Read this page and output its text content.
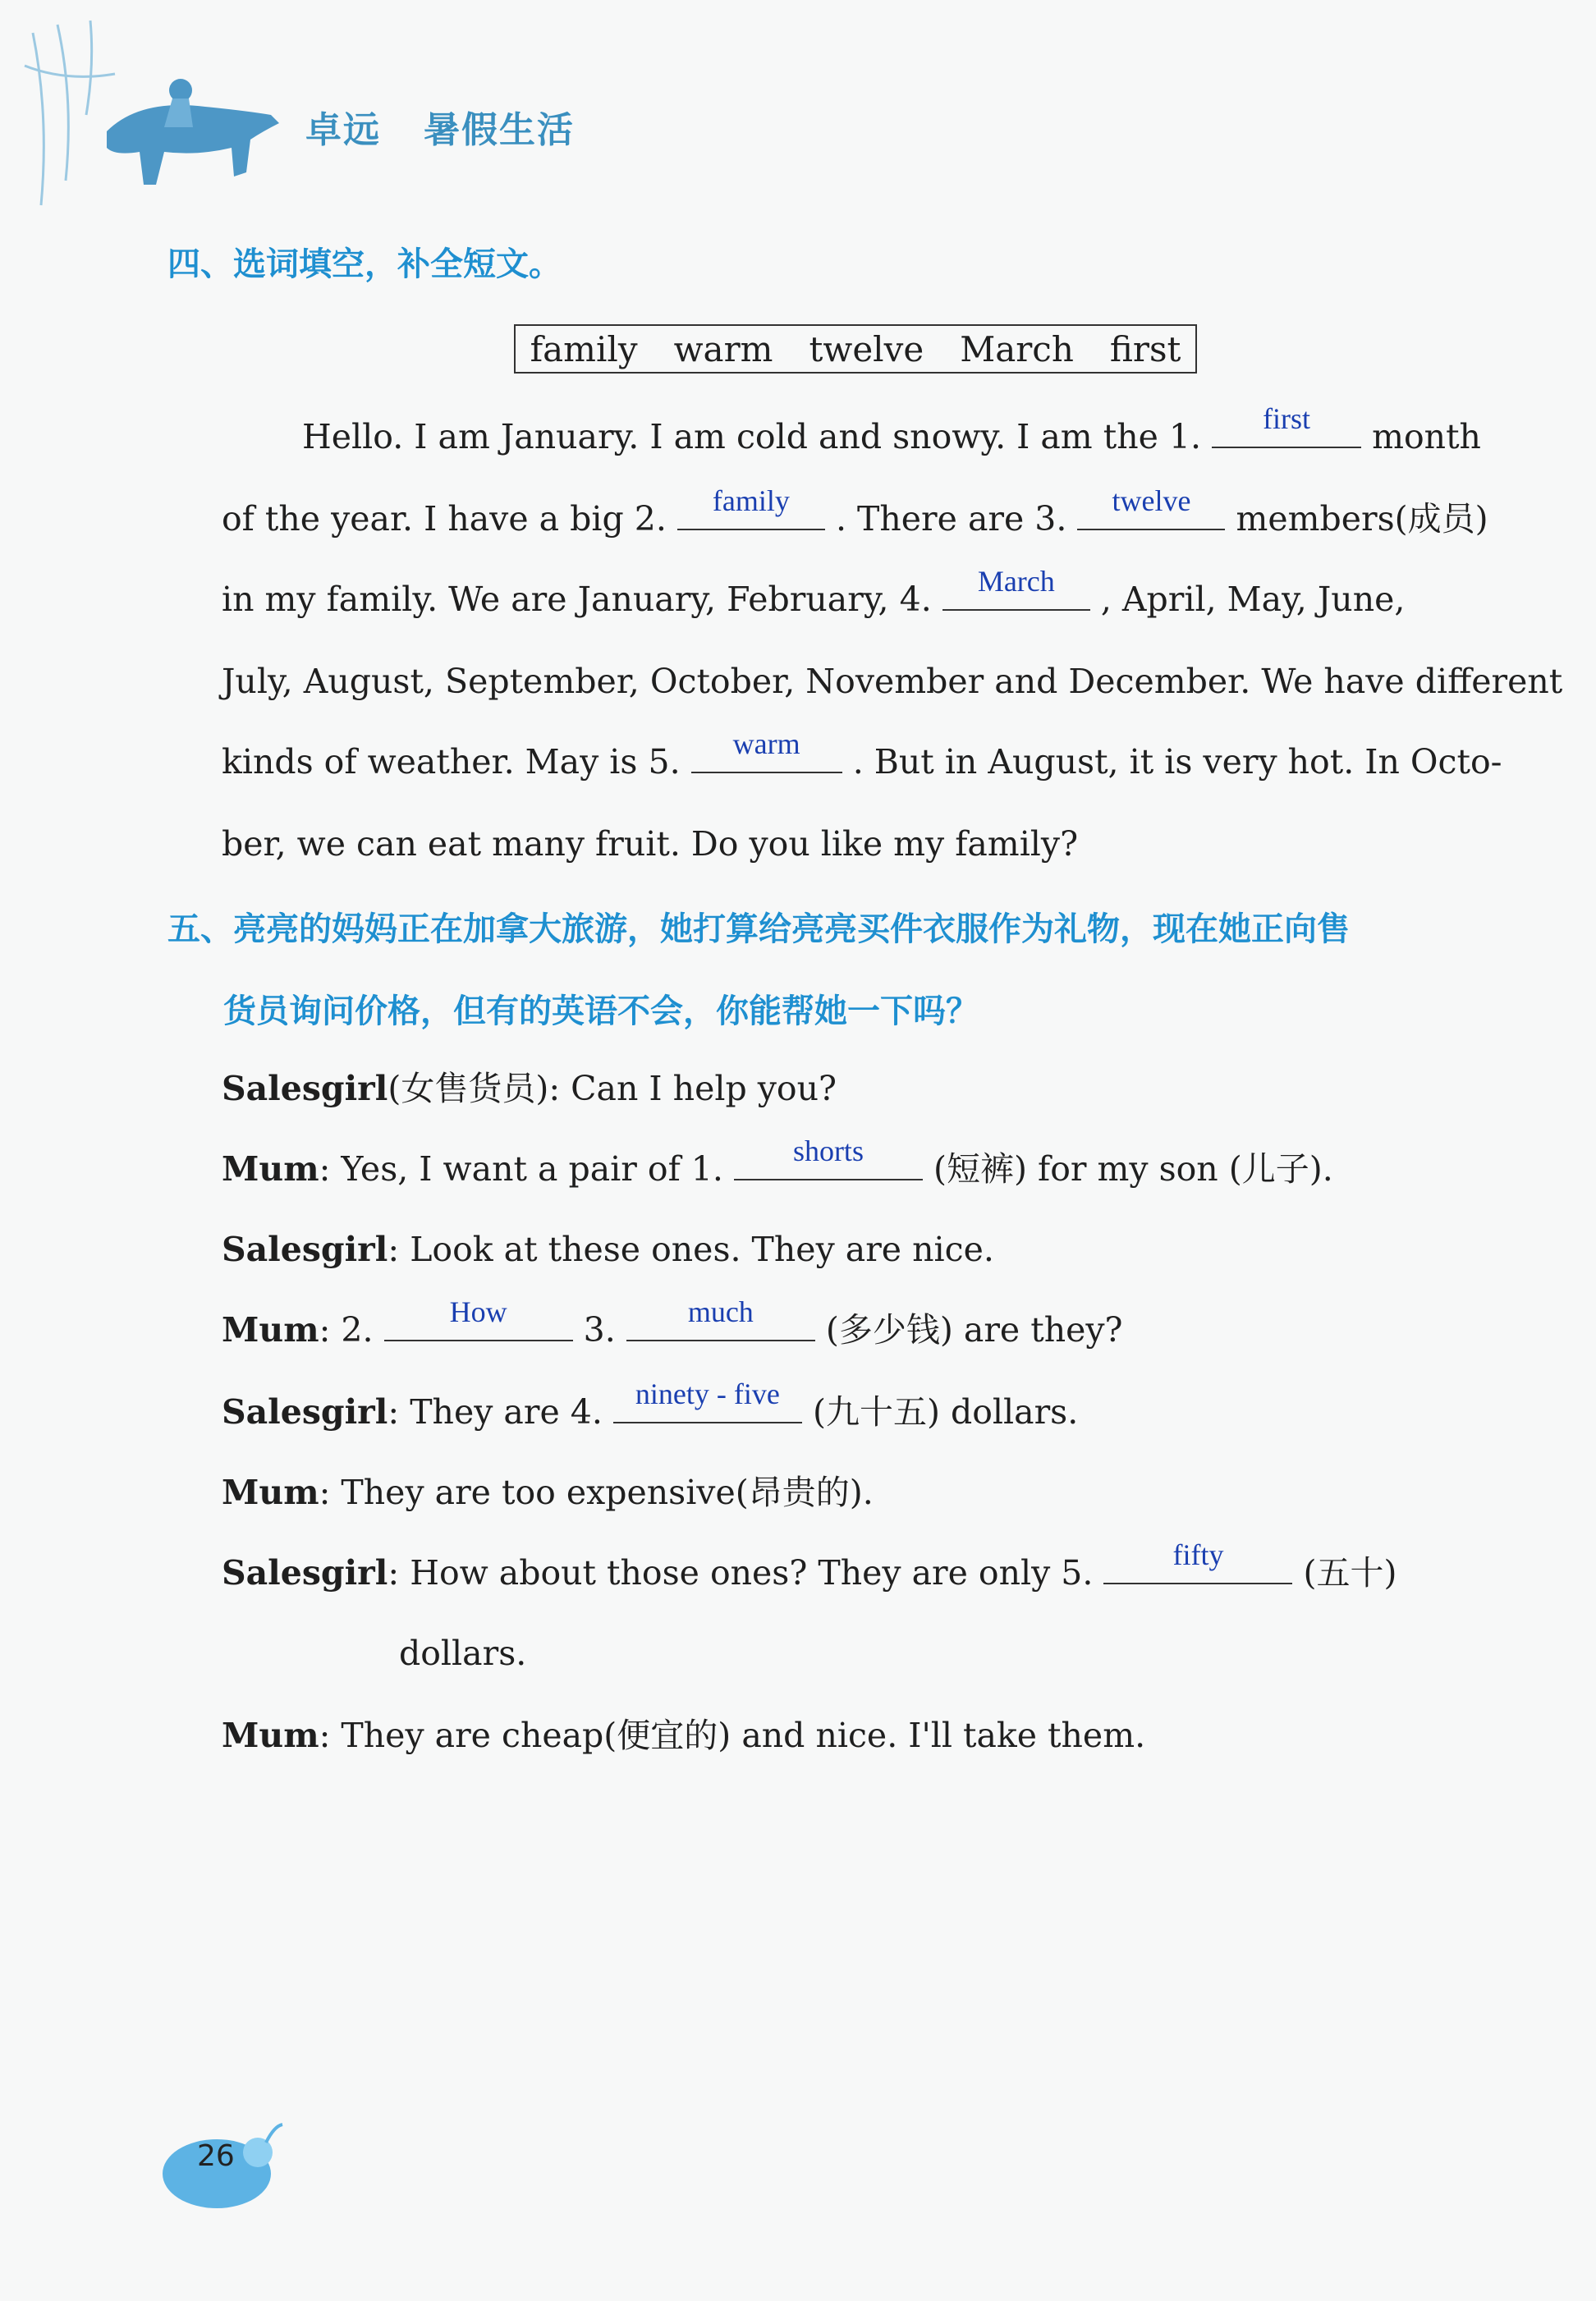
卓远   暑假生活
四、选词填空，补全短文。
family warm twelve March first
Hello. I am January. I am cold and snowy. I am the 1.	first	month
of the year. I have a big 2.	family	. There are 3.	twelve	members(成员)
in my family. We are January, February, 4.	March	, April, May, June,
July, August, September, October, November and December. We have different
kinds of weather. May is 5.	warm	. But in August, it is very hot. In Octo-
ber, we can eat many fruit. Do you like my family?
五、亮亮的妈妈正在加拿大旅游，她打算给亮亮买件衣服作为礼物，现在她正向售
货员询问价格，但有的英语不会，你能帮她一下吗？
Salesgirl(女售货员): Can I help you?
Mum: Yes, I want a pair of 1.	shorts	(短裤) for my son (儿子).
Salesgirl: Look at these ones. They are nice.
Mum: 2.	How	3.	much	(多少钱) are they?
Salesgirl: They are 4.	ninety - five (九十五) dollars.
Mum: They are too expensive(昂贵的).
Salesgirl: How about those ones? They are only 5.	fifty	(五十)
dollars.
Mum: They are cheap(便宜的) and nice. I'll take them.
26
